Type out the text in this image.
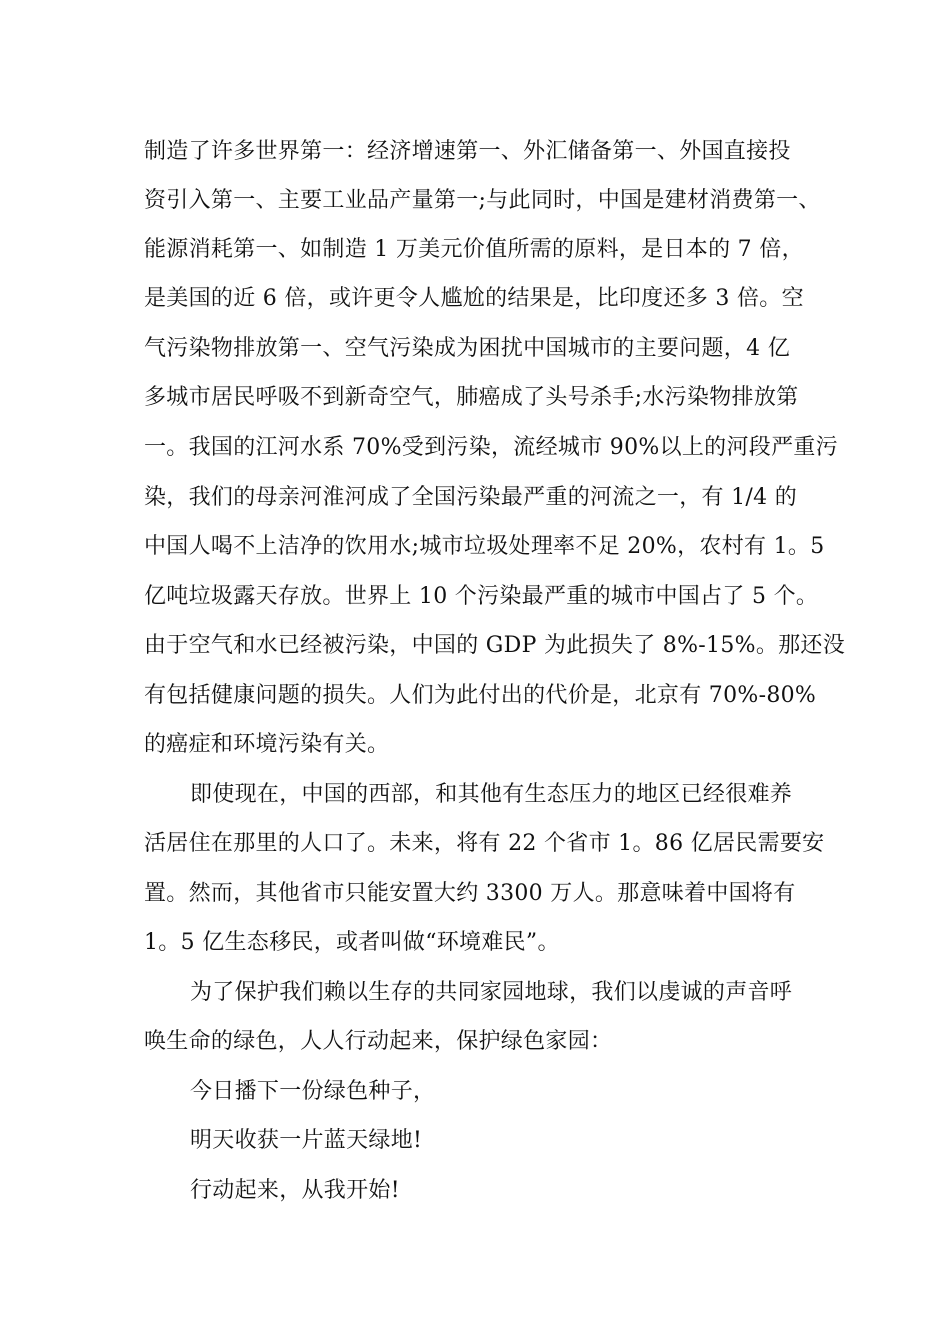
制造了许多世界第一：经济增速第一、外汇储备第一、外国直接投
资引入第一、主要工业品产量第一;与此同时，中国是建材消费第一、
能源消耗第一、如制造 1 万美元价值所需的原料，是日本的 7 倍，
是美国的近 6 倍，或许更令人尴尬的结果是，比印度还多 3 倍。空
气污染物排放第一、空气污染成为困扰中国城市的主要问题，4 亿
多城市居民呼吸不到新奇空气，肺癌成了头号杀手;水污染物排放第
一。我国的江河水系 70%受到污染，流经城市 90%以上的河段严重污
染，我们的母亲河淮河成了全国污染最严重的河流之一，有 1/4 的
中国人喝不上洁净的饮用水;城市垃圾处理率不足 20%，农村有 1。5
亿吨垃圾露天存放。世界上 10 个污染最严重的城市中国占了 5 个。
由于空气和水已经被污染，中国的 GDP 为此损失了 8%-15%。那还没
有包括健康问题的损失。人们为此付出的代价是，北京有 70%-80%
的癌症和环境污染有关。
即使现在，中国的西部，和其他有生态压力的地区已经很难养
活居住在那里的人口了。未来，将有 22 个省市 1。86 亿居民需要安
置。然而，其他省市只能安置大约 3300 万人。那意味着中国将有
1。5 亿生态移民，或者叫做“环境难民”。
为了保护我们赖以生存的共同家园地球，我们以虔诚的声音呼
唤生命的绿色，人人行动起来，保护绿色家园：
今日播下一份绿色种子，
明天收获一片蓝天绿地!
行动起来，从我开始!
